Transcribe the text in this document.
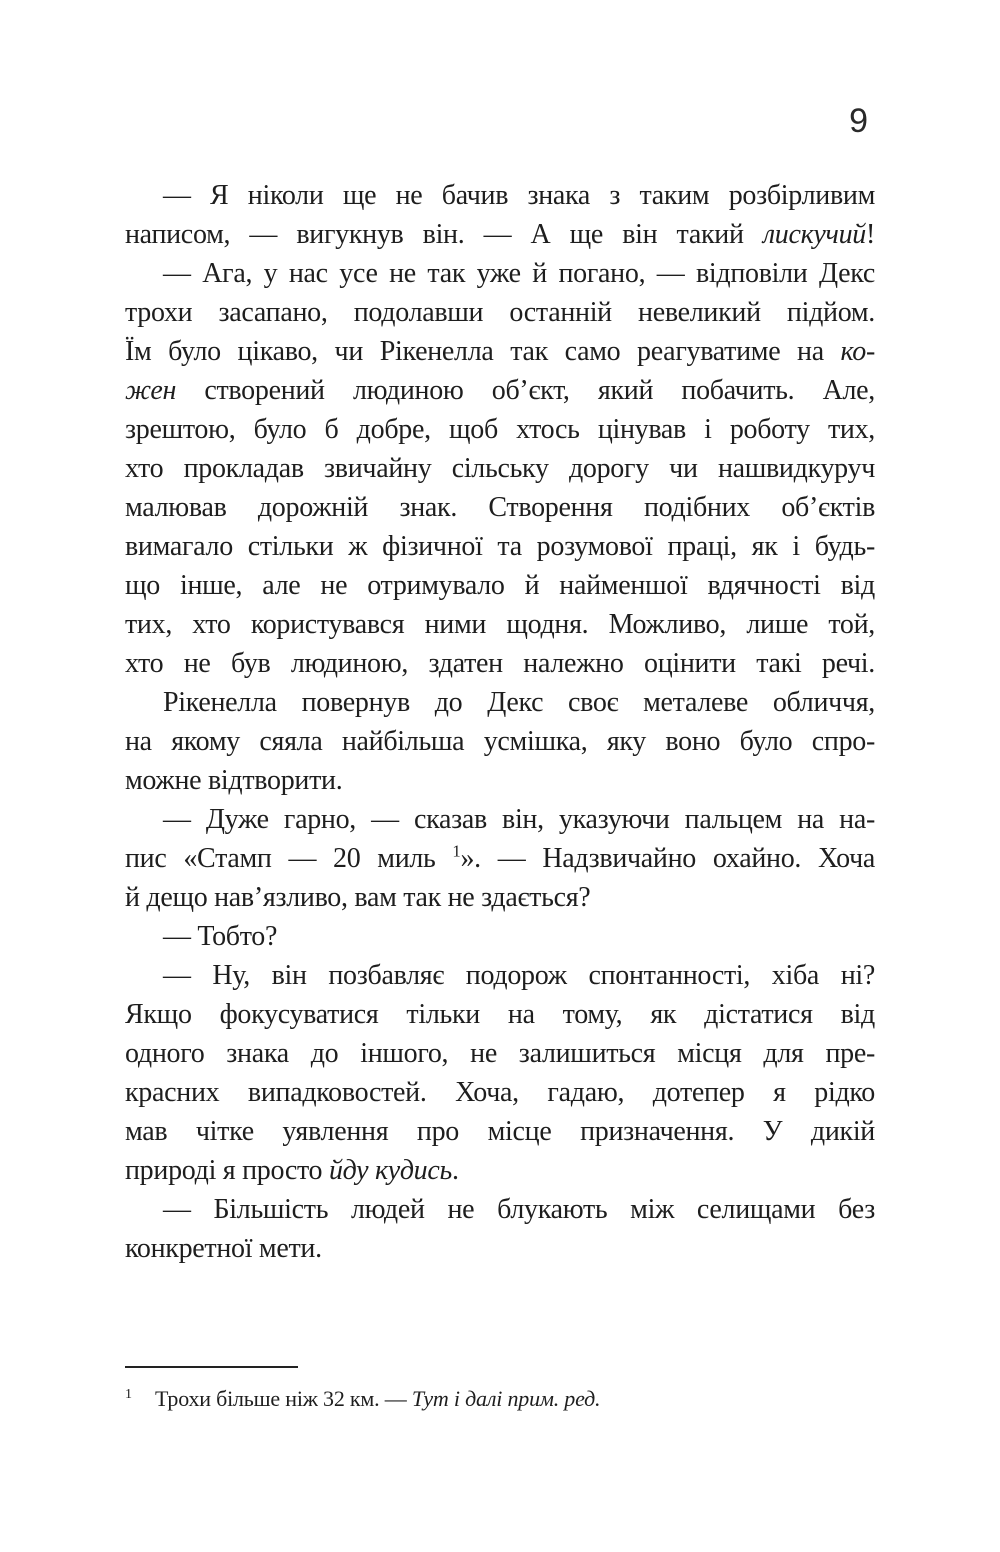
9
— Я ніколи ще не бачив знака з таким розбірливим
написом, — вигукнув він. — А ще він такий лискучий!
— Ага, у нас усе не так уже й погано, — відповіли Декс
трохи засапано, подолавши останній невеликий підйом.
Їм було цікаво, чи Рікенелла так само реагуватиме на ко-
жен створений людиною об’єкт, який побачить. Але,
зрештою, було б добре, щоб хтось цінував і роботу тих,
хто прокладав звичайну сільську дорогу чи нашвидкуруч
малював дорожній знак. Створення подібних об’єктів
вимагало стільки ж фізичної та розумової праці, як і будь-
що інше, але не отримувало й найменшої вдячності від
тих, хто користувався ними щодня. Можливо, лише той,
хто не був людиною, здатен належно оцінити такі речі.
Рікенелла повернув до Декс своє металеве обличчя,
на якому сяяла найбільша усмішка, яку воно було спро-
можне відтворити.
— Дуже гарно, — сказав він, указуючи пальцем на на-
пис «Стамп — 20 миль $^1$». — Надзвичайно охайно. Хоча
й дещо нав’язливо, вам так не здається?
— Тобто?
— Ну, він позбавляє подорож спонтанності, хіба ні?
Якщо фокусуватися тільки на тому, як дістатися від
одного знака до іншого, не залишиться місця для пре-
красних випадковостей. Хоча, гадаю, дотепер я рідко
мав чітке уявлення про місце призначення. У дикій
природі я просто йду кудись.
— Більшість людей не блукають між селищами без
конкретної мети.
1 Трохи більше ніж 32 км. — Тут і далі прим. ред.
